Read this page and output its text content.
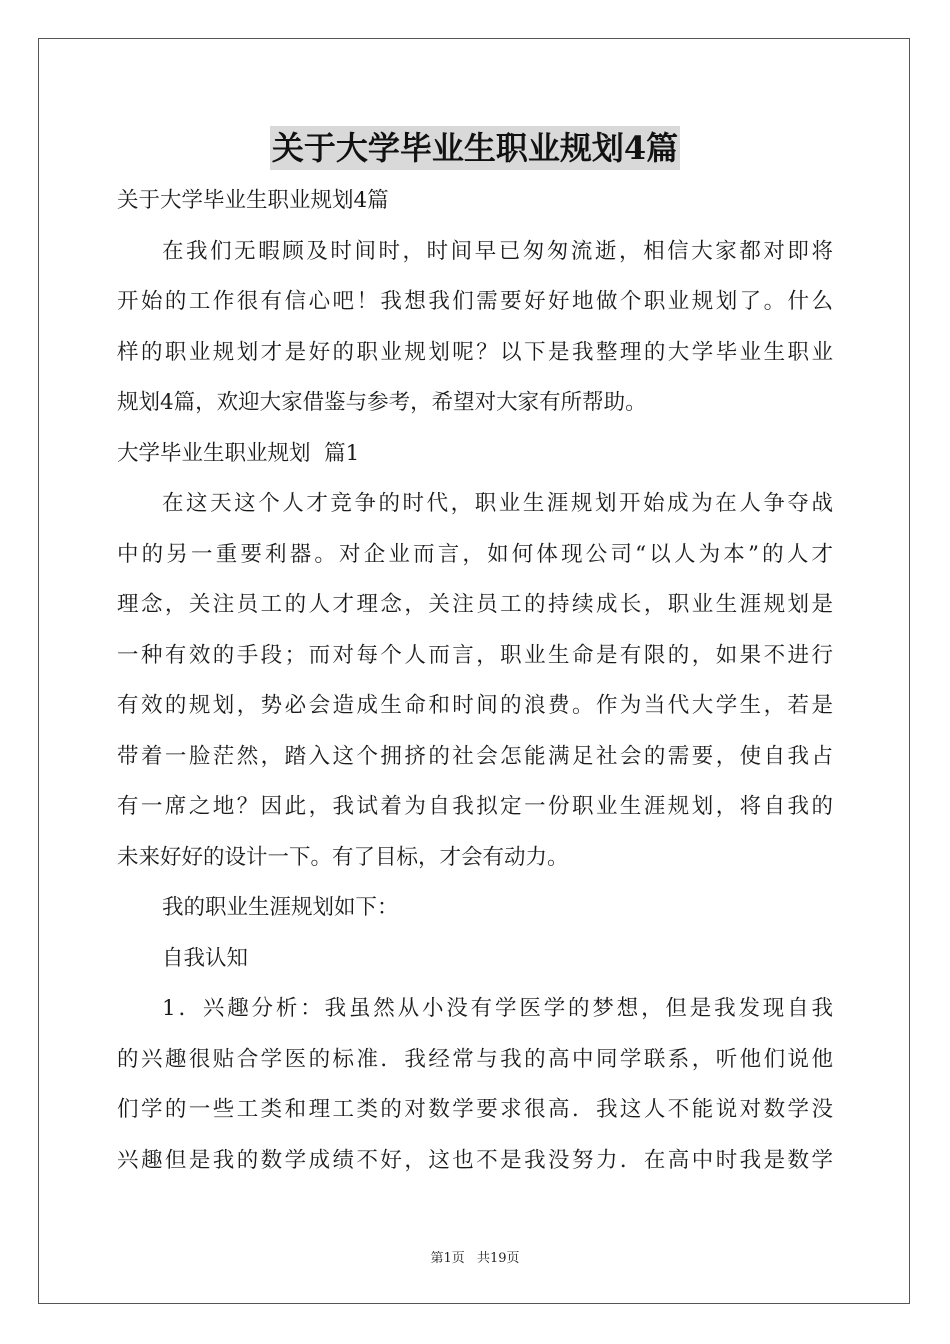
关于大学毕业生职业规划4篇
关于大学毕业生职业规划4篇
在我们无暇顾及时间时，时间早已匆匆流逝，相信大家都对即将
开始的工作很有信心吧！我想我们需要好好地做个职业规划了。什么
样的职业规划才是好的职业规划呢？以下是我整理的大学毕业生职业
规划4篇，欢迎大家借鉴与参考，希望对大家有所帮助。
大学毕业生职业规划  篇1
在这天这个人才竞争的时代，职业生涯规划开始成为在人争夺战
中的另一重要利器。对企业而言，如何体现公司“以人为本”的人才
理念，关注员工的人才理念，关注员工的持续成长，职业生涯规划是
一种有效的手段；而对每个人而言，职业生命是有限的，如果不进行
有效的规划，势必会造成生命和时间的浪费。作为当代大学生，若是
带着一脸茫然，踏入这个拥挤的社会怎能满足社会的需要，使自我占
有一席之地？因此，我试着为自我拟定一份职业生涯规划，将自我的
未来好好的设计一下。有了目标，才会有动力。
我的职业生涯规划如下：
自我认知
1．兴趣分析：我虽然从小没有学医学的梦想，但是我发现自我
的兴趣很贴合学医的标准．我经常与我的高中同学联系，听他们说他
们学的一些工类和理工类的对数学要求很高．我这人不能说对数学没
兴趣但是我的数学成绩不好，这也不是我没努力．在高中时我是数学
第1页 共19页
